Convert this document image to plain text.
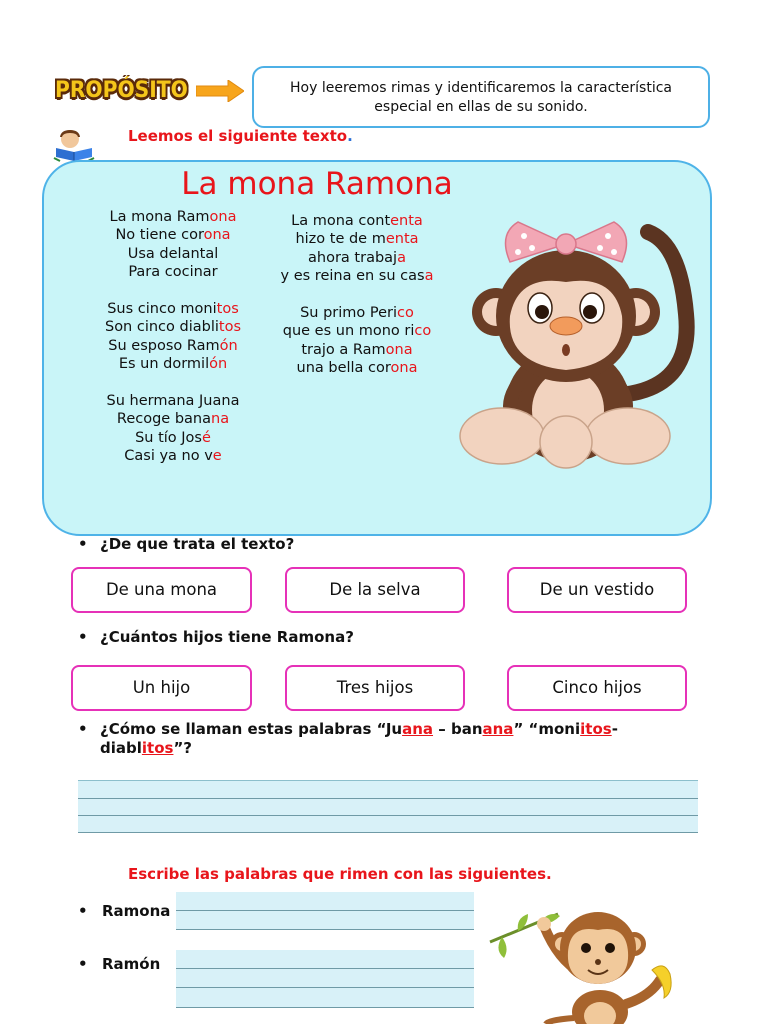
PROPÓSITO	Hoy leeremos rimas y identificaremos la característica
especial en ellas de su sonido.
Leemos el siguiente texto.
La mona Ramona
La mona Ramona
No tiene corona
Usa delantal
Para cocinar
Sus cinco monitos
Son cinco diablitos
Su esposo Ramón
Es un dormilón
Su hermana Juana
Recoge banana
Su tío José
Casi ya no ve
La mona contenta
hizo te de menta
ahora trabaja
y es reina en su casa
Su primo Perico
que es un mono rico
trajo a Ramona
una bella corona
• ¿De que trata el texto?
De una mona	De la selva	De un vestido
• ¿Cuántos hijos tiene Ramona?
Un hijo	Tres hijos	Cinco hijos
• ¿Cómo se llaman estas palabras “Juana – banana” “moniitos-
diablitos”?
Escribe las palabras que rimen con las siguientes.
• Ramona
• Ramón
